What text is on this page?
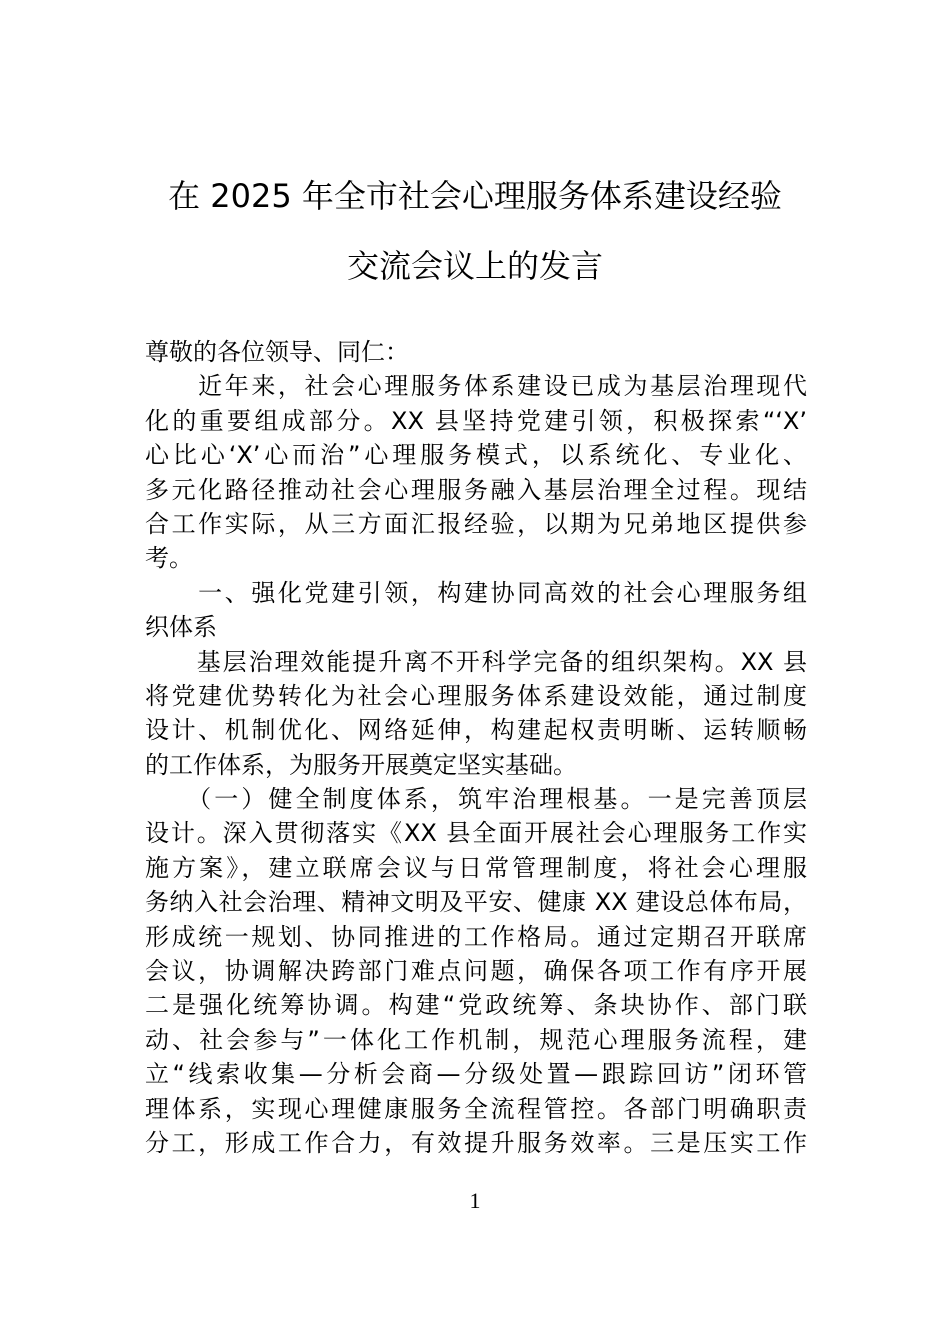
在 2025 年全市社会心理服务体系建设经验
交流会议上的发言
尊敬的各位领导、同仁：
　　近年来，社会心理服务体系建设已成为基层治理现代
化的重要组成部分。XX 县坚持党建引领，积极探索“‘X’
心比心‘X’心而治”心理服务模式，以系统化、专业化、
多元化路径推动社会心理服务融入基层治理全过程。现结
合工作实际，从三方面汇报经验，以期为兄弟地区提供参
考。
　　一、强化党建引领，构建协同高效的社会心理服务组
织体系
　　基层治理效能提升离不开科学完备的组织架构。XX 县
将党建优势转化为社会心理服务体系建设效能，通过制度
设计、机制优化、网络延伸，构建起权责明晰、运转顺畅
的工作体系，为服务开展奠定坚实基础。
　　（一）健全制度体系，筑牢治理根基。一是完善顶层
设计。深入贯彻落实《XX 县全面开展社会心理服务工作实
施方案》，建立联席会议与日常管理制度，将社会心理服
务纳入社会治理、精神文明及平安、健康 XX 建设总体布局，
形成统一规划、协同推进的工作格局。通过定期召开联席
会议，协调解决跨部门难点问题，确保各项工作有序开展
二是强化统筹协调。构建“党政统筹、条块协作、部门联
动、社会参与”一体化工作机制，规范心理服务流程，建
立“线索收集—分析会商—分级处置—跟踪回访”闭环管
理体系，实现心理健康服务全流程管控。各部门明确职责
分工，形成工作合力，有效提升服务效率。三是压实工作
1
